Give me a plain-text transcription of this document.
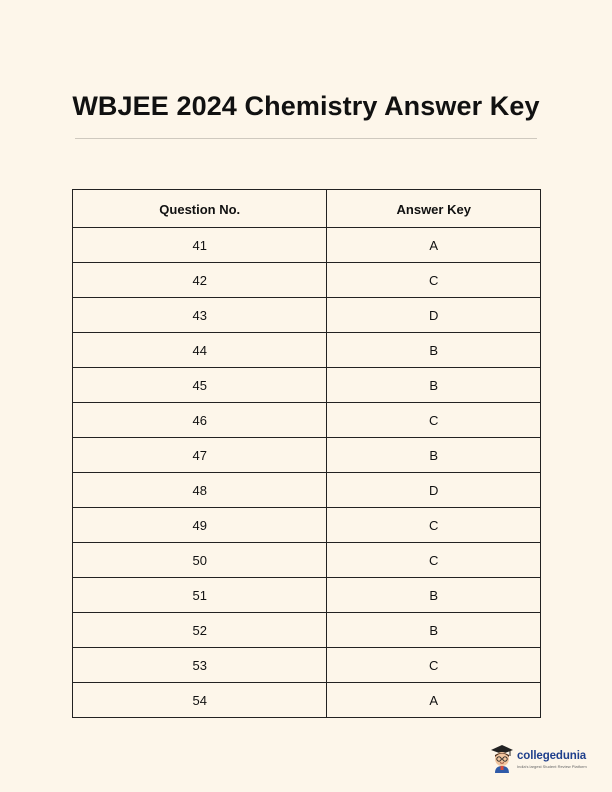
WBJEE 2024 Chemistry Answer Key
Question No.	Answer Key
41	A
42	C
43	D
44	B
45	B
46	C
47	B
48	D
49	C
50	C
51	B
52	B
53	C
54	A
collegedunia
India's largest Student Review Platform
